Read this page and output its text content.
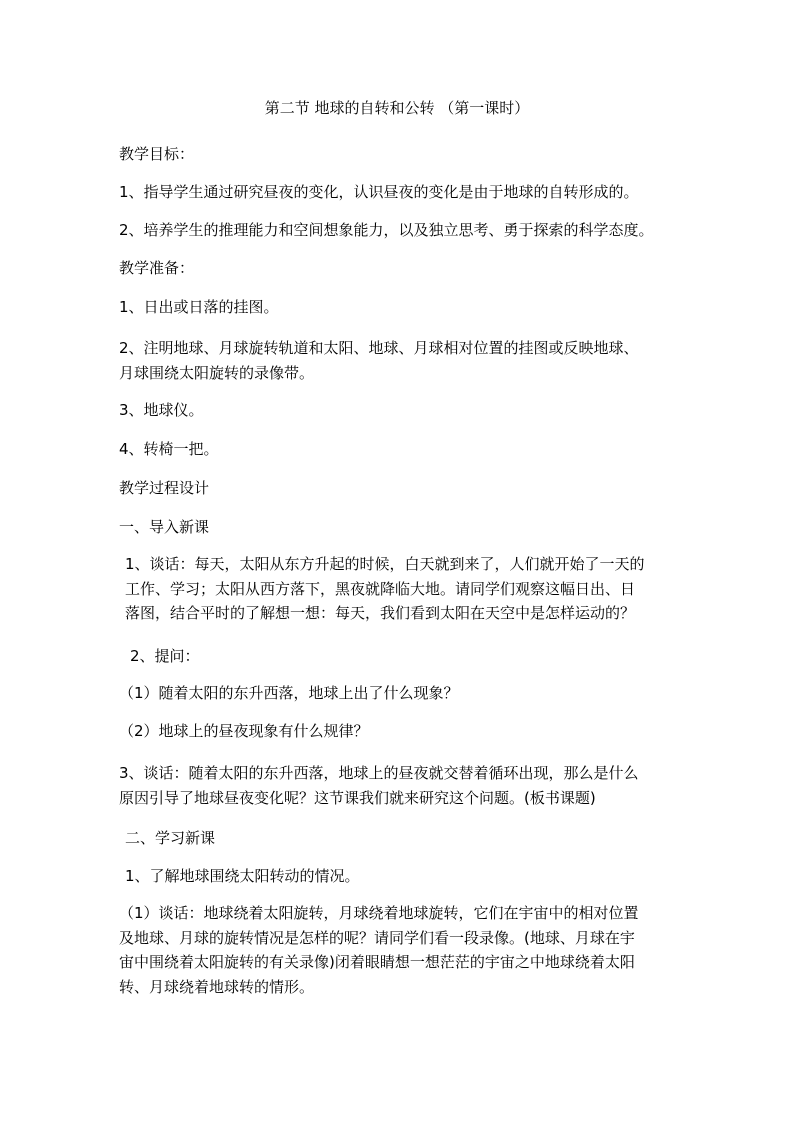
第二节 地球的自转和公转 （第一课时）
教学目标：
1、指导学生通过研究昼夜的变化，认识昼夜的变化是由于地球的自转形成的。
2、培养学生的推理能力和空间想象能力，以及独立思考、勇于探索的科学态度。
教学准备：
1、日出或日落的挂图。
2、注明地球、月球旋转轨道和太阳、地球、月球相对位置的挂图或反映地球、
月球围绕太阳旋转的录像带。
3、地球仪。
4、转椅一把。
教学过程设计
一、导入新课
1、谈话：每天，太阳从东方升起的时候，白天就到来了，人们就开始了一天的
工作、学习；太阳从西方落下，黑夜就降临大地。请同学们观察这幅日出、日
落图，结合平时的了解想一想：每天，我们看到太阳在天空中是怎样运动的？
2、提问：
（1）随着太阳的东升西落，地球上出了什么现象？
（2）地球上的昼夜现象有什么规律？
3、谈话：随着太阳的东升西落，地球上的昼夜就交替着循环出现，那么是什么
原因引导了地球昼夜变化呢？这节课我们就来研究这个问题。(板书课题)
二、学习新课
1、了解地球围绕太阳转动的情况。
（1）谈话：地球绕着太阳旋转，月球绕着地球旋转，它们在宇宙中的相对位置
及地球、月球的旋转情况是怎样的呢？请同学们看一段录像。(地球、月球在宇
宙中围绕着太阳旋转的有关录像)闭着眼睛想一想茫茫的宇宙之中地球绕着太阳
转、月球绕着地球转的情形。
